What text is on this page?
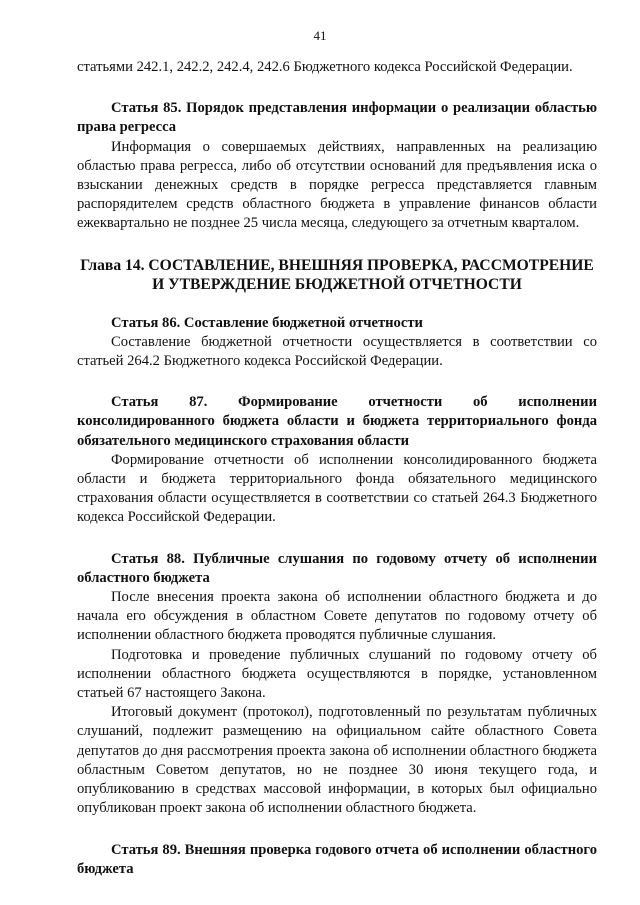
41

статьями 242.1, 242.2, 242.4, 242.6 Бюджетного кодекса Российской Федерации.

Статья 85. Порядок представления информации о реализации областью права регресса

Информация о совершаемых действиях, направленных на реализацию областью права регресса, либо об отсутствии оснований для предъявления иска о взыскании денежных средств в порядке регресса представляется главным распорядителем средств областного бюджета в управление финансов области ежеквартально не позднее 25 числа месяца, следующего за отчетным кварталом.

Глава 14. СОСТАВЛЕНИЕ, ВНЕШНЯЯ ПРОВЕРКА, РАССМОТРЕНИЕ
И УТВЕРЖДЕНИЕ БЮДЖЕТНОЙ ОТЧЕТНОСТИ

Статья 86. Составление бюджетной отчетности

Составление бюджетной отчетности осуществляется в соответствии со статьей 264.2 Бюджетного кодекса Российской Федерации.

Статья 87. Формирование отчетности об исполнении консолидированного бюджета области и бюджета территориального фонда обязательного медицинского страхования области

Формирование отчетности об исполнении консолидированного бюджета области и бюджета территориального фонда обязательного медицинского страхования области осуществляется в соответствии со статьей 264.3 Бюджетного кодекса Российской Федерации.

Статья 88. Публичные слушания по годовому отчету об исполнении областного бюджета

После внесения проекта закона об исполнении областного бюджета и до начала его обсуждения в областном Совете депутатов по годовому отчету об исполнении областного бюджета проводятся публичные слушания.

Подготовка и проведение публичных слушаний по годовому отчету об исполнении областного бюджета осуществляются в порядке, установленном статьей 67 настоящего Закона.

Итоговый документ (протокол), подготовленный по результатам публичных слушаний, подлежит размещению на официальном сайте областного Совета депутатов до дня рассмотрения проекта закона об исполнении областного бюджета областным Советом депутатов, но не позднее 30 июня текущего года, и опубликованию в средствах массовой информации, в которых был официально опубликован проект закона об исполнении областного бюджета.

Статья 89. Внешняя проверка годового отчета об исполнении областного бюджета
